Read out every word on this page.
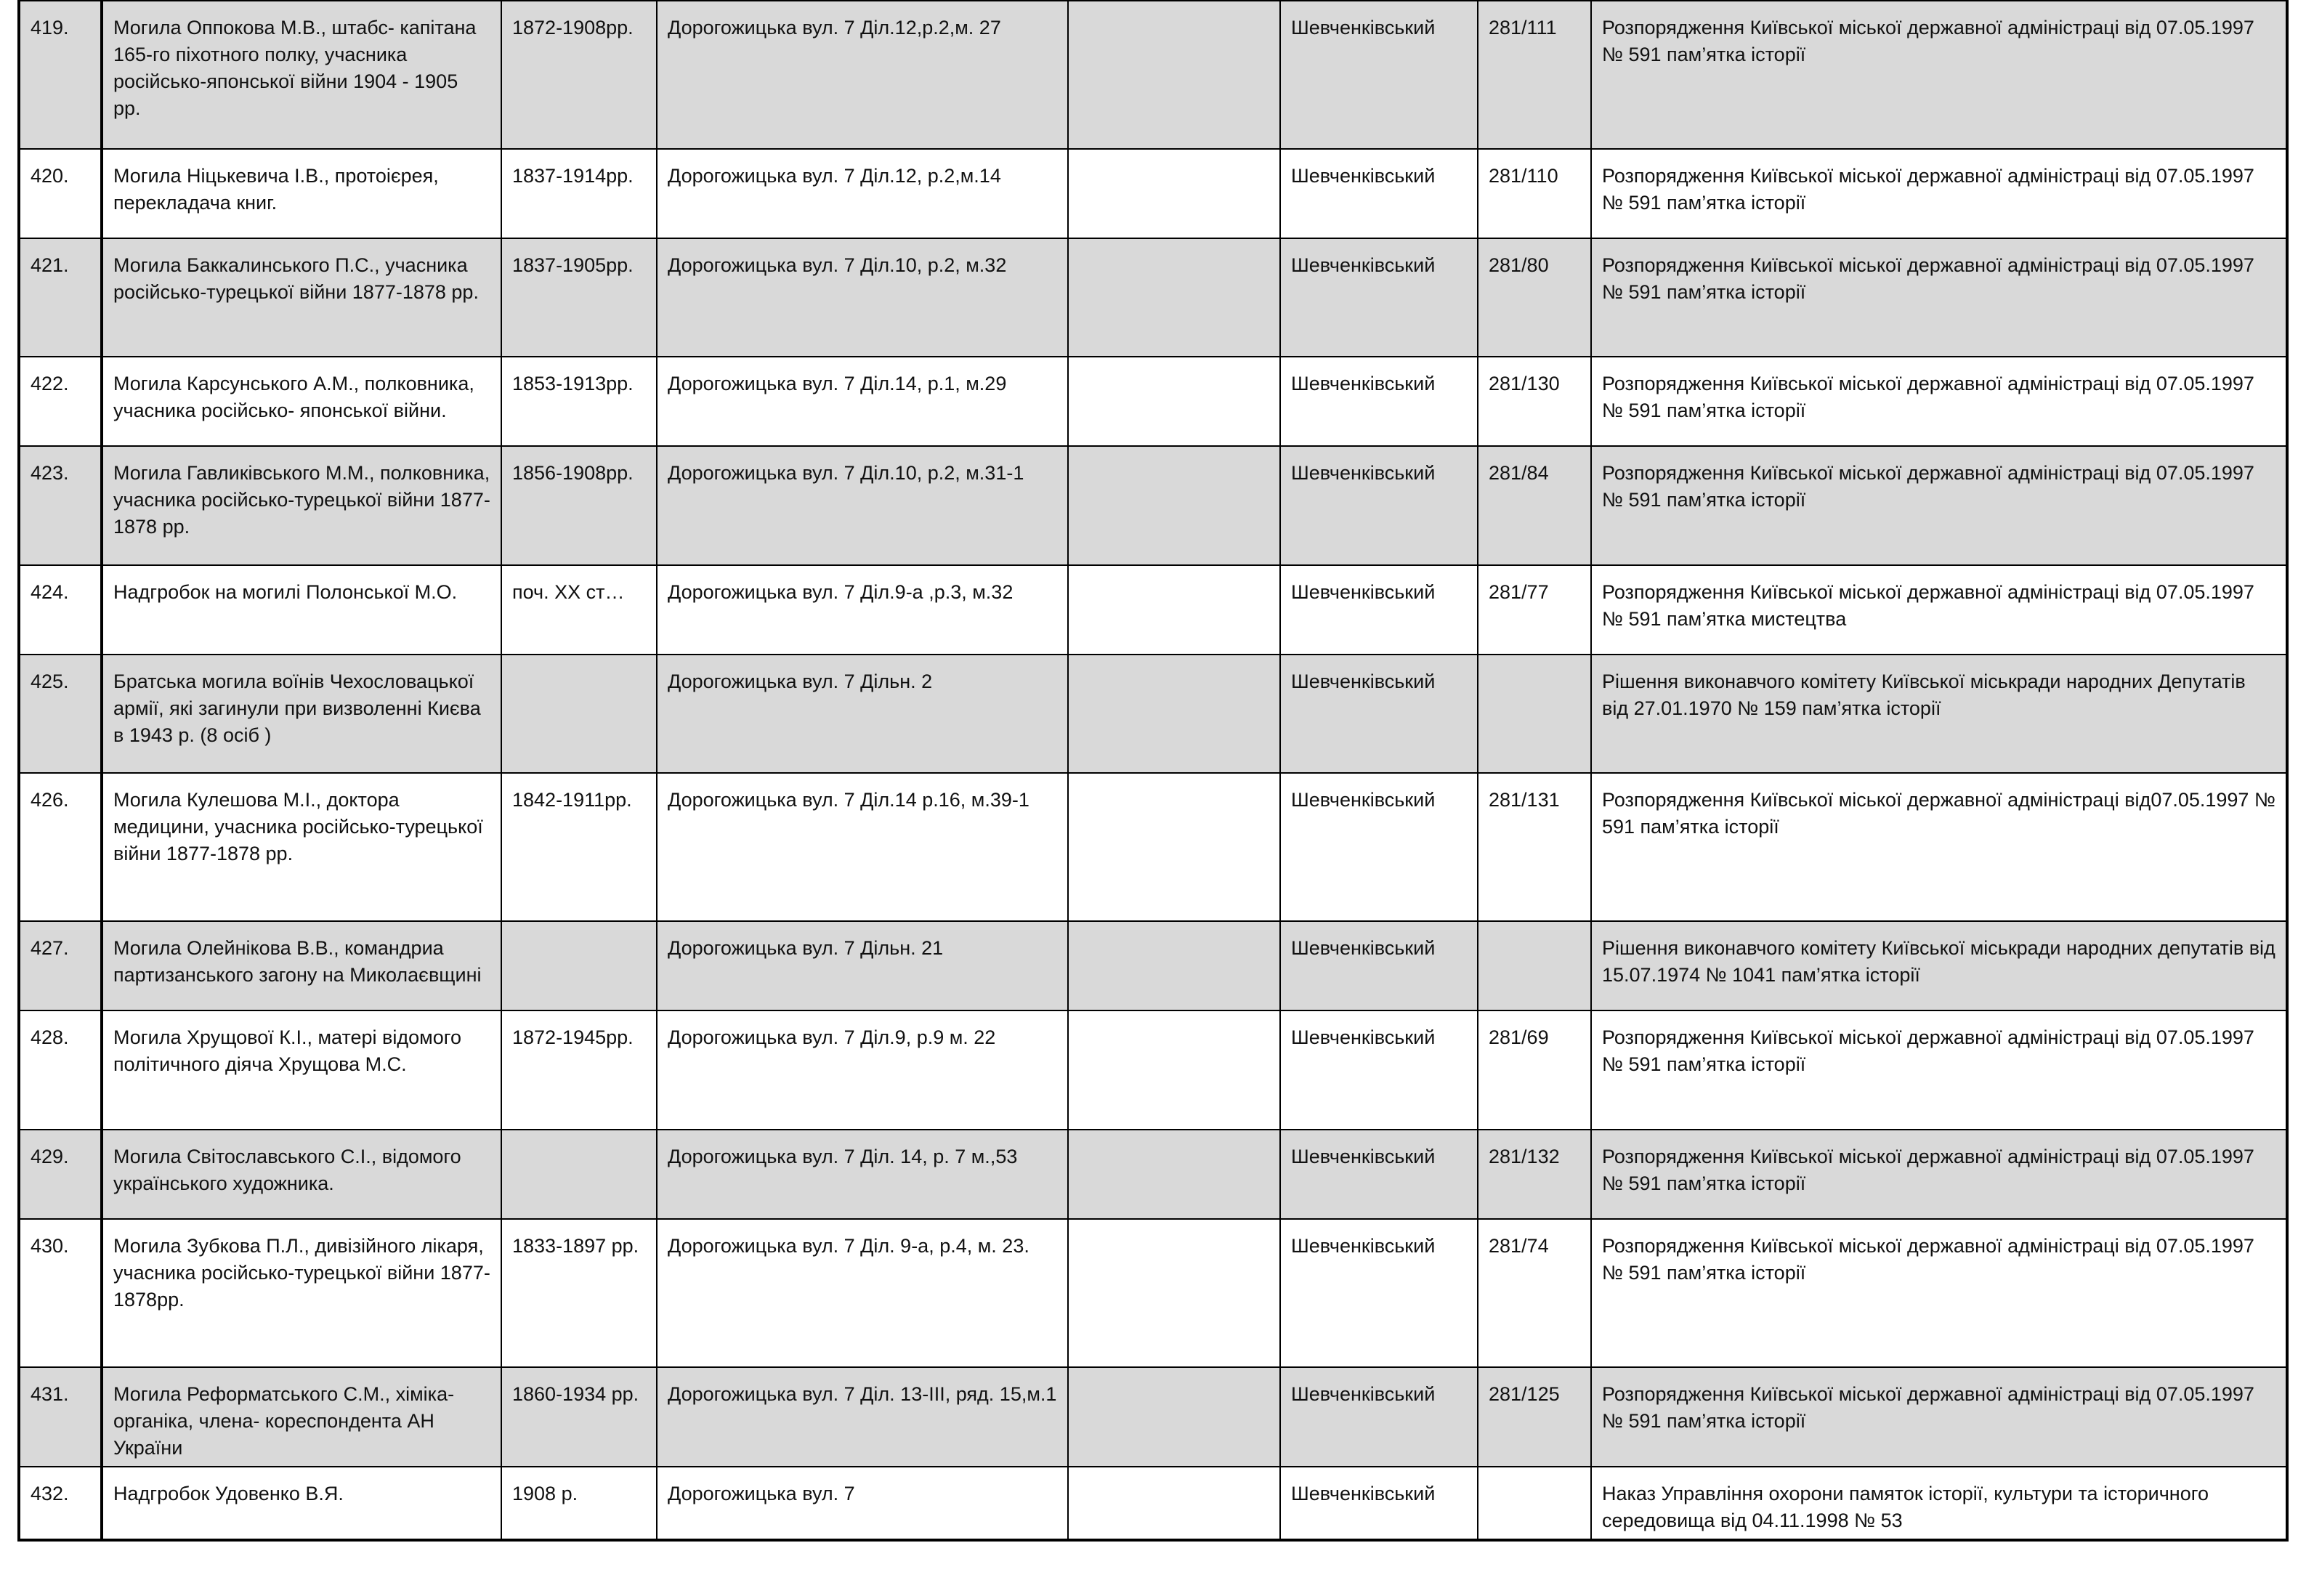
419.	Могила Оппокова М.В., штабс- капітана 165-го піхотного полку, учасника російсько-японської війни 1904 - 1905 рр.	1872-1908рр.	Дорогожицька вул. 7 Діл.12,р.2,м. 27		Шевченківський	281/111	Розпорядження Київської міської державної адміністраці від 07.05.1997 № 591 пам’ятка історії
420.	Могила Ніцькевича І.В., протоієрея, перекладача книг.	1837-1914рр.	Дорогожицька вул. 7 Діл.12, р.2,м.14		Шевченківський	281/110	Розпорядження Київської міської державної адміністраці від 07.05.1997 № 591 пам’ятка історії
421.	Могила Баккалинського П.С., учасника російсько-турецької війни 1877-1878 рр.	1837-1905рр.	Дорогожицька вул. 7 Діл.10, р.2, м.32		Шевченківський	281/80	Розпорядження Київської міської державної адміністраці від 07.05.1997 № 591 пам’ятка історії
422.	Могила Карсунського А.М., полковника, учасника російсько- японської війни.	1853-1913рр.	Дорогожицька вул. 7 Діл.14, р.1, м.29		Шевченківський	281/130	Розпорядження Київської міської державної адміністраці від 07.05.1997 № 591 пам’ятка історії
423.	Могила Гавликівського М.М., полковника, учасника російсько-турецької війни 1877-1878 рр.	1856-1908рр.	Дорогожицька вул. 7 Діл.10, р.2, м.31-1		Шевченківський	281/84	Розпорядження Київської міської державної адміністраці від 07.05.1997 № 591 пам’ятка історії
424.	Надгробок на могилі Полонської М.О.	поч. ХХ ст…	Дорогожицька вул. 7 Діл.9-а ,р.3, м.32		Шевченківський	281/77	Розпорядження Київської міської державної адміністраці від 07.05.1997 № 591 пам’ятка мистецтва
425.	Братська могила воїнів Чехословацької армії, які загинули при визволенні Києва в 1943 р. (8 осіб )		Дорогожицька вул. 7 Дільн. 2		Шевченківський		Рішення виконавчого комітету Київської міськради народних Депутатів від 27.01.1970 № 159 пам’ятка історії
426.	Могила Кулешова М.І., доктора медицини, учасника російсько-турецької війни 1877-1878 рр.	1842-1911рр.	Дорогожицька вул. 7 Діл.14 р.16, м.39-1		Шевченківський	281/131	Розпорядження Київської міської державної адміністраці від07.05.1997 № 591 пам’ятка історії
427.	Могила Олейнікова В.В., командриа партизанського загону на Миколаєвщині		Дорогожицька вул. 7 Дільн. 21		Шевченківський		Рішення виконавчого комітету Київської міськради народних депутатів від 15.07.1974 № 1041 пам’ятка історії
428.	Могила Хрущової К.І., матері відомого політичного діяча Хрущова М.С.	1872-1945рр.	Дорогожицька вул. 7 Діл.9, р.9 м. 22		Шевченківський	281/69	Розпорядження Київської міської державної адміністраці від 07.05.1997 № 591 пам’ятка історії
429.	Могила Світославського С.І., відомого українського художника.		Дорогожицька вул. 7 Діл. 14, р. 7 м.,53		Шевченківський	281/132	Розпорядження Київської міської державної адміністраці від 07.05.1997 № 591 пам’ятка історії
430.	Могила Зубкова П.Л., дивізійного лікаря, учасника російсько-турецької війни 1877- 1878рр.	1833-1897 рр.	Дорогожицька вул. 7 Діл. 9-а, р.4, м. 23.		Шевченківський	281/74	Розпорядження Київської міської державної адміністраці від 07.05.1997 № 591 пам’ятка історії
431.	Могила Реформатського С.М., хіміка-органіка, члена- кореспондента АН України	1860-1934 рр.	Дорогожицька вул. 7 Діл. 13-ІІІ, ряд. 15,м.1		Шевченківський	281/125	Розпорядження Київської міської державної адміністраці від 07.05.1997 № 591 пам’ятка історії
432.	Надгробок Удовенко В.Я.	1908 р.	Дорогожицька вул. 7		Шевченківський		Наказ Управління охорони памяток історії, культури та історичного середовища від 04.11.1998 № 53
